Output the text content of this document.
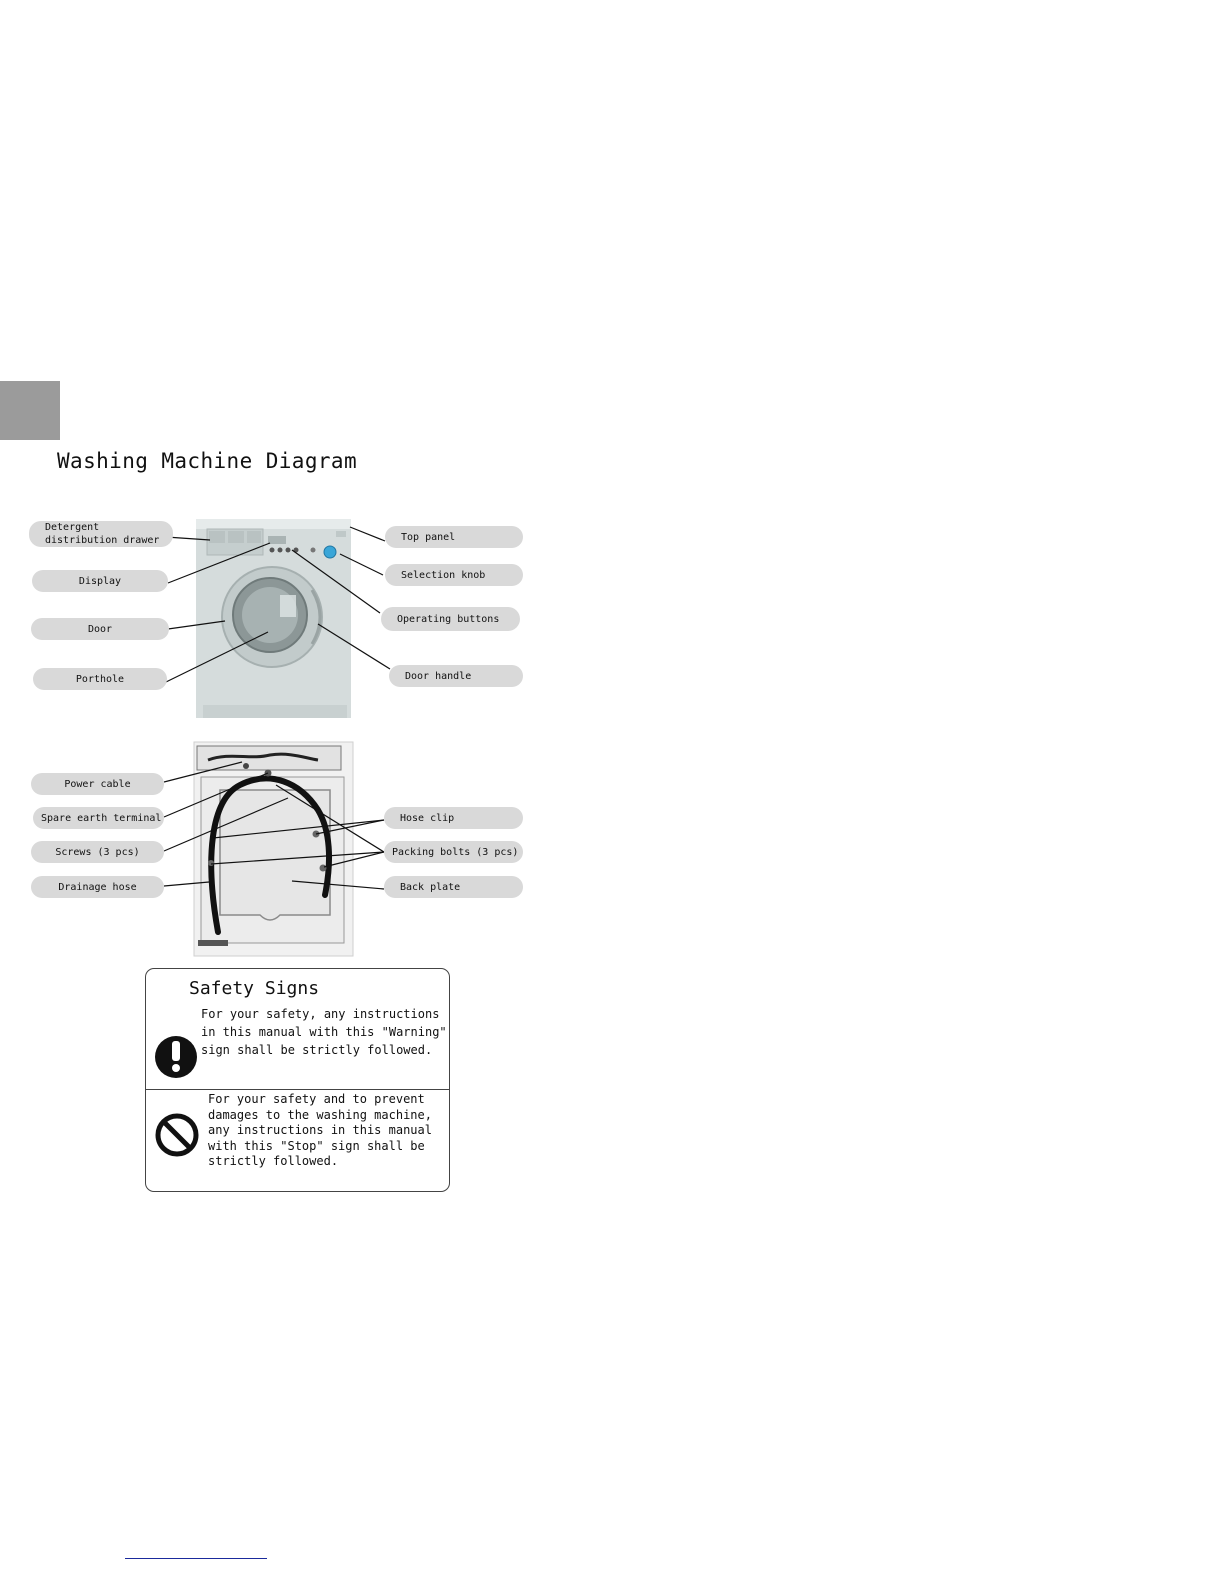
Washing Machine Diagram
Detergent
distribution drawer
Display
Door
Porthole
Top panel
Selection knob
Operating buttons
Door handle
Power cable
Spare earth terminal
Screws (3 pcs)
Drainage hose
Hose clip
Packing bolts (3 pcs)
Back plate
Safety Signs
For your safety, any instructions
in this manual with this "Warning"
sign shall be strictly followed.
For your safety and to prevent
damages to the washing machine,
any instructions in this manual
with this "Stop" sign shall be
strictly followed.
